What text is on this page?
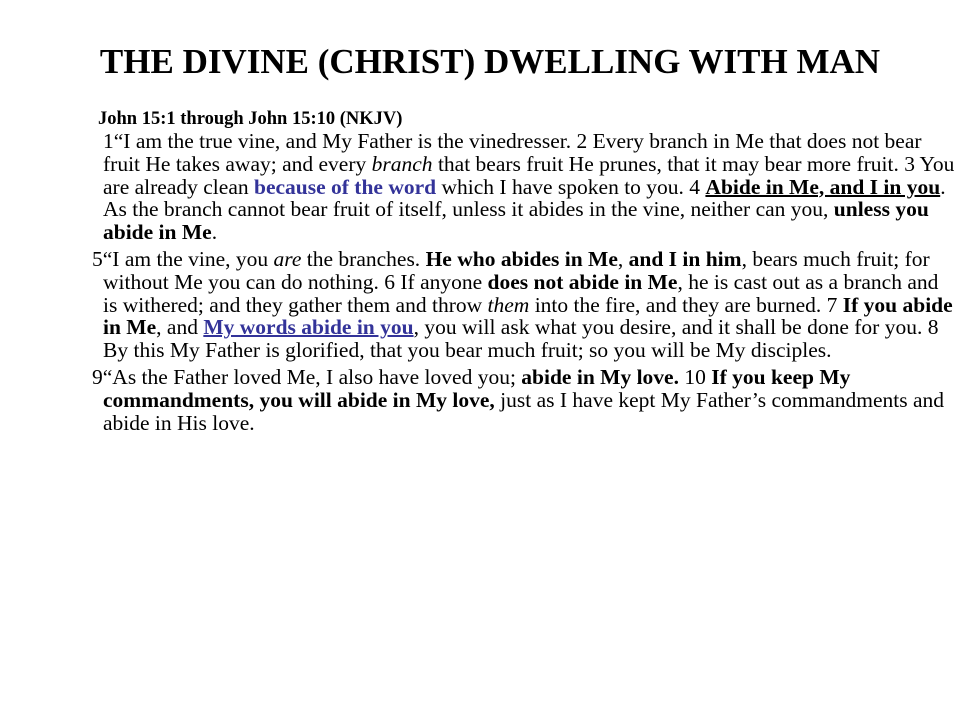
THE DIVINE (CHRIST) DWELLING WITH MAN
John 15:1 through John 15:10 (NKJV)

1“I am the true vine, and My Father is the vinedresser. 2 Every branch in Me that does not bear fruit He takes away; and every branch that bears fruit He prunes, that it may bear more fruit. 3 You are already clean because of the word which I have spoken to you. 4 Abide in Me, and I in you. As the branch cannot bear fruit of itself, unless it abides in the vine, neither can you, unless you abide in Me.

5“I am the vine, you are the branches. He who abides in Me, and I in him, bears much fruit; for without Me you can do nothing. 6 If anyone does not abide in Me, he is cast out as a branch and is withered; and they gather them and throw them into the fire, and they are burned. 7 If you abide in Me, and My words abide in you, you will ask what you desire, and it shall be done for you. 8 By this My Father is glorified, that you bear much fruit; so you will be My disciples.

9“As the Father loved Me, I also have loved you; abide in My love. 10 If you keep My commandments, you will abide in My love, just as I have kept My Father’s commandments and abide in His love.
